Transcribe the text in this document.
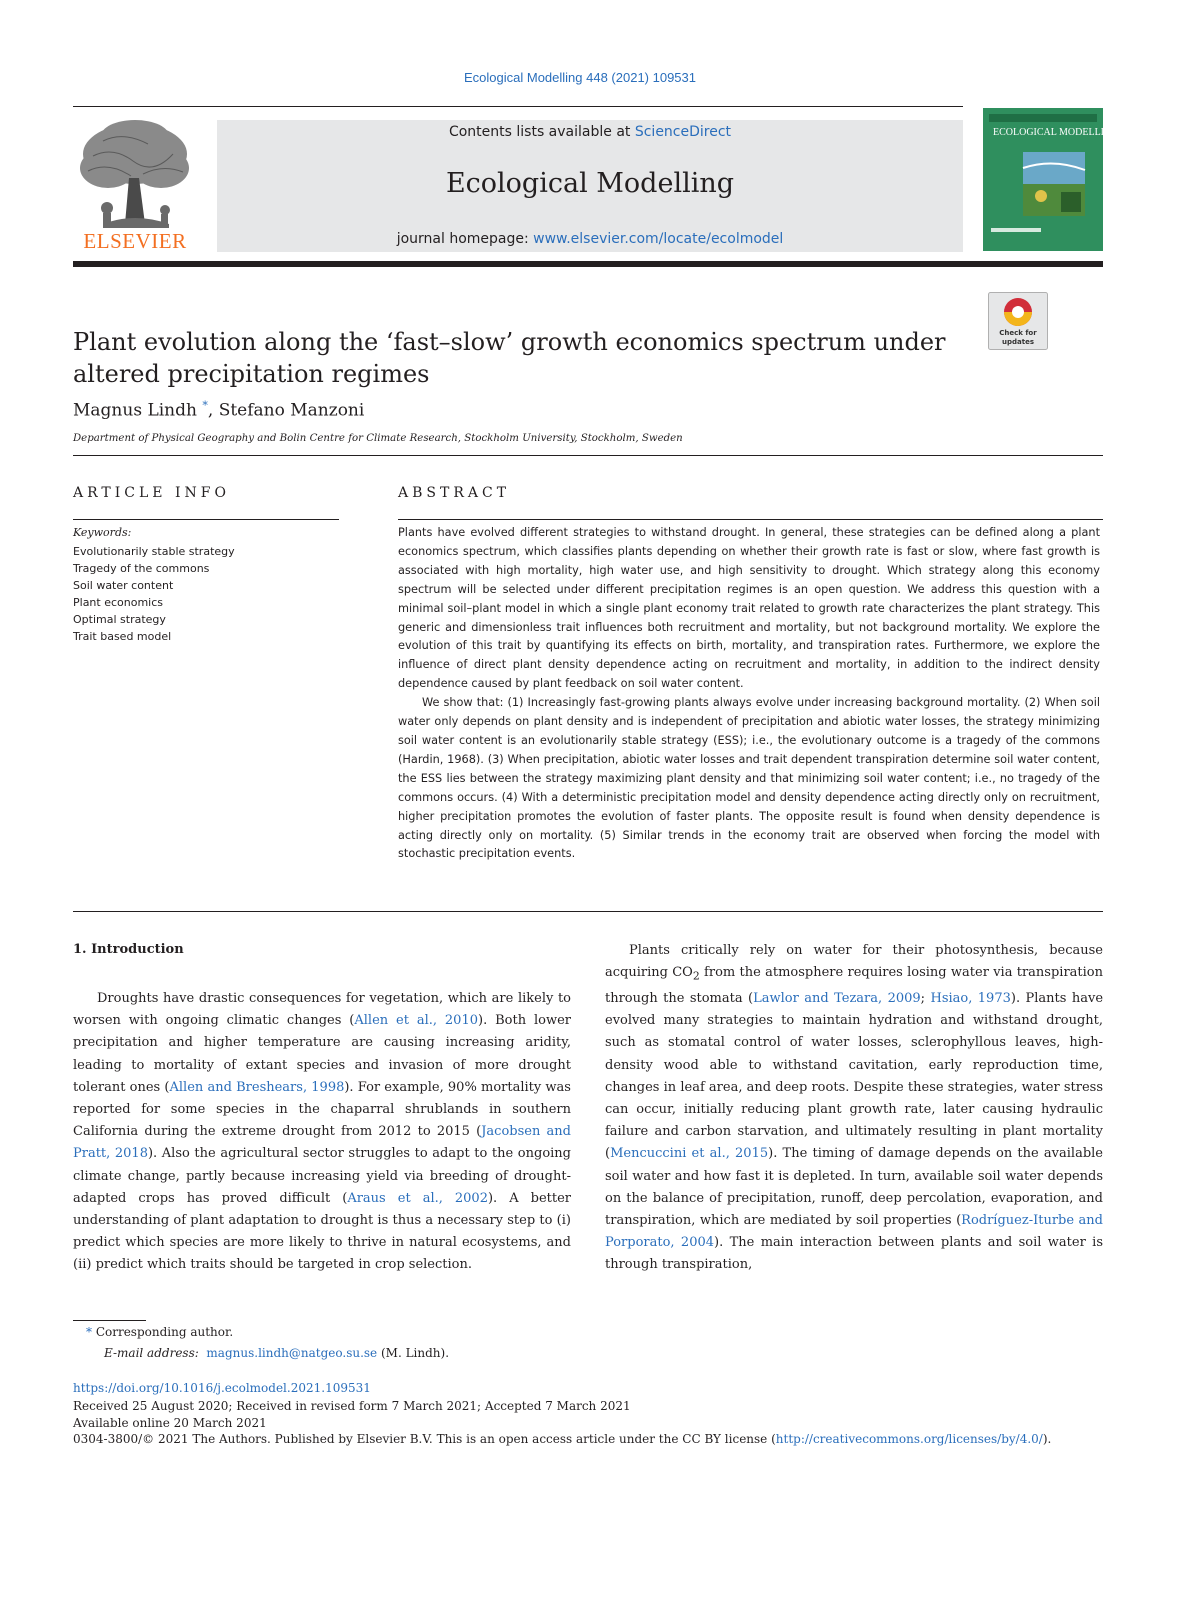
Ecological Modelling 448 (2021) 109531
ELSEVIER
Contents lists available at ScienceDirect
Ecological Modelling
journal homepage: www.elsevier.com/locate/ecolmodel
ECOLOGICAL MODELLING
Check for
updates
Plant evolution along the ‘fast–slow’ growth economics spectrum under altered precipitation regimes
Magnus Lindh *, Stefano Manzoni
Department of Physical Geography and Bolin Centre for Climate Research, Stockholm University, Stockholm, Sweden
ARTICLE INFO
Keywords:
Evolutionarily stable strategy
Tragedy of the commons
Soil water content
Plant economics
Optimal strategy
Trait based model
ABSTRACT

Plants have evolved different strategies to withstand drought. In general, these strategies can be defined along a plant economics spectrum, which classifies plants depending on whether their growth rate is fast or slow, where fast growth is associated with high mortality, high water use, and high sensitivity to drought. Which strategy along this economy spectrum will be selected under different precipitation regimes is an open question. We address this question with a minimal soil–plant model in which a single plant economy trait related to growth rate characterizes the plant strategy. This generic and dimensionless trait influences both recruitment and mortality, but not background mortality. We explore the evolution of this trait by quantifying its effects on birth, mortality, and transpiration rates. Furthermore, we explore the influence of direct plant density dependence acting on recruitment and mortality, in addition to the indirect density dependence caused by plant feedback on soil water content.

We show that: (1) Increasingly fast-growing plants always evolve under increasing background mortality. (2) When soil water only depends on plant density and is independent of precipitation and abiotic water losses, the strategy minimizing soil water content is an evolutionarily stable strategy (ESS); i.e., the evolutionary outcome is a tragedy of the commons (Hardin, 1968). (3) When precipitation, abiotic water losses and trait dependent transpiration determine soil water content, the ESS lies between the strategy maximizing plant density and that minimizing soil water content; i.e., no tragedy of the commons occurs. (4) With a deterministic precipitation model and density dependence acting directly only on recruitment, higher precipitation promotes the evolution of faster plants. The opposite result is found when density dependence is acting directly only on mortality. (5) Similar trends in the economy trait are observed when forcing the model with stochastic precipitation events.

1. Introduction

Droughts have drastic consequences for vegetation, which are likely to worsen with ongoing climatic changes (Allen et al., 2010). Both lower precipitation and higher temperature are causing increasing aridity, leading to mortality of extant species and invasion of more drought tolerant ones (Allen and Breshears, 1998). For example, 90% mortality was reported for some species in the chaparral shrublands in southern California during the extreme drought from 2012 to 2015 (Jacobsen and Pratt, 2018). Also the agricultural sector struggles to adapt to the ongoing climate change, partly because increasing yield via breeding of drought-adapted crops has proved difficult (Araus et al., 2002). A better understanding of plant adaptation to drought is thus a necessary step to (i) predict which species are more likely to thrive in natural ecosystems, and (ii) predict which traits should be targeted in crop selection.

Plants critically rely on water for their photosynthesis, because acquiring $CO_2$ from the atmosphere requires losing water via transpiration through the stomata (Lawlor and Tezara, 2009; Hsiao, 1973). Plants have evolved many strategies to maintain hydration and withstand drought, such as stomatal control of water losses, sclerophyllous leaves, high-density wood able to withstand cavitation, early reproduction time, changes in leaf area, and deep roots. Despite these strategies, water stress can occur, initially reducing plant growth rate, later causing hydraulic failure and carbon starvation, and ultimately resulting in plant mortality (Mencuccini et al., 2015). The timing of damage depends on the available soil water and how fast it is depleted. In turn, available soil water depends on the balance of precipitation, runoff, deep percolation, evaporation, and transpiration, which are mediated by soil properties (Rodríguez-Iturbe and Porporato, 2004). The main interaction between plants and soil water is through transpiration,

* Corresponding author.
E-mail address: magnus.lindh@natgeo.su.se (M. Lindh).
https://doi.org/10.1016/j.ecolmodel.2021.109531
Received 25 August 2020; Received in revised form 7 March 2021; Accepted 7 March 2021
Available online 20 March 2021
0304-3800/© 2021 The Authors. Published by Elsevier B.V. This is an open access article under the CC BY license (http://creativecommons.org/licenses/by/4.0/).
